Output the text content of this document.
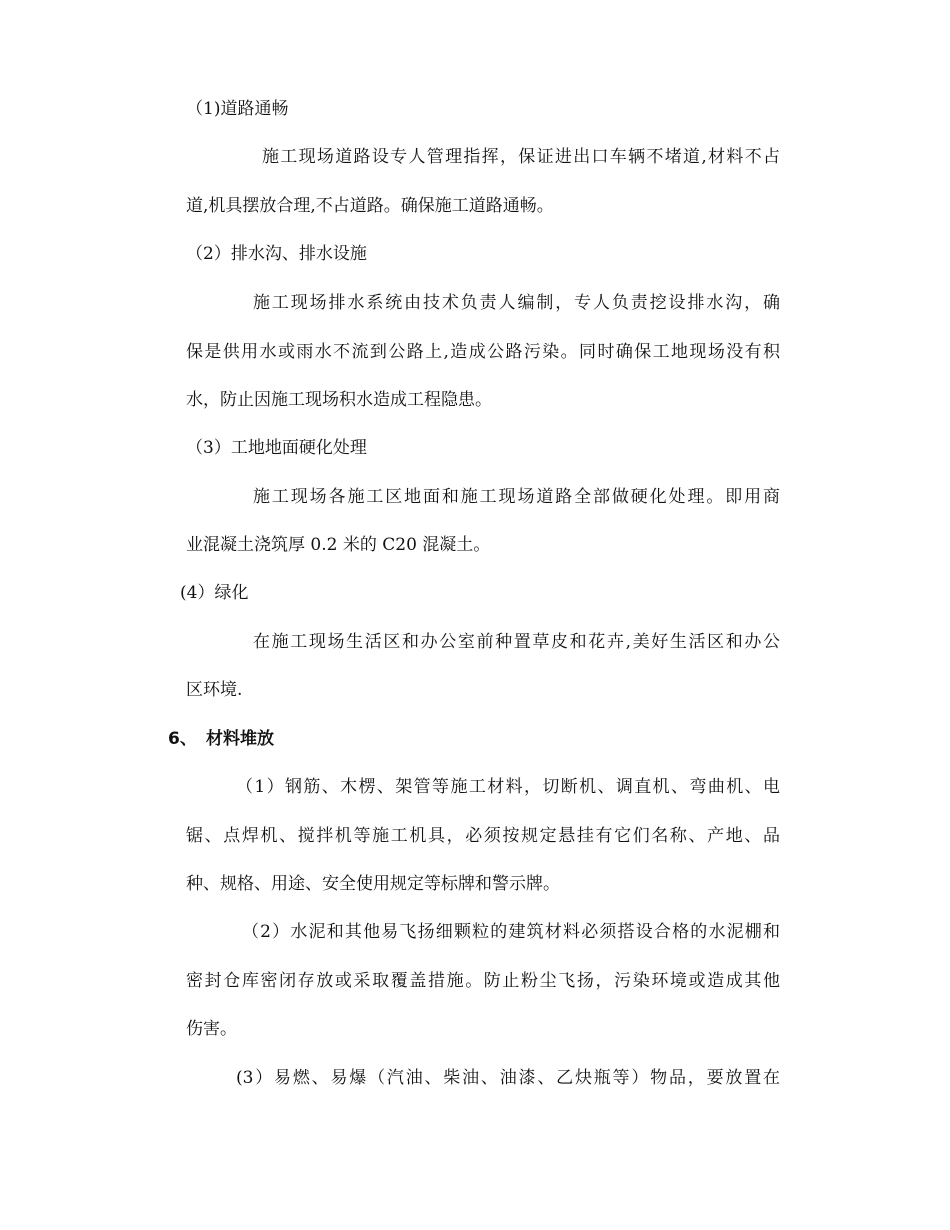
（1)道路通畅
施工现场道路设专人管理指挥，保证进出口车辆不堵道,材料不占
道,机具摆放合理,不占道路。确保施工道路通畅。
（2）排水沟、排水设施
施工现场排水系统由技术负责人编制，专人负责挖设排水沟，确
保是供用水或雨水不流到公路上,造成公路污染。同时确保工地现场没有积
水，防止因施工现场积水造成工程隐患。
（3）工地地面硬化处理
施工现场各施工区地面和施工现场道路全部做硬化处理。即用商
业混凝土浇筑厚 0.2 米的 C20 混凝土。
(4）绿化
在施工现场生活区和办公室前种置草皮和花卉,美好生活区和办公
区环境.
6、 材料堆放
（1）钢筋、木楞、架管等施工材料，切断机、调直机、弯曲机、电
锯、点焊机、搅拌机等施工机具，必须按规定悬挂有它们名称、产地、品
种、规格、用途、安全使用规定等标牌和警示牌。
（2）水泥和其他易飞扬细颗粒的建筑材料必须搭设合格的水泥棚和
密封仓库密闭存放或采取覆盖措施。防止粉尘飞扬，污染环境或造成其他
伤害。
(3）易燃、易爆（汽油、柴油、油漆、乙炔瓶等）物品，要放置在
